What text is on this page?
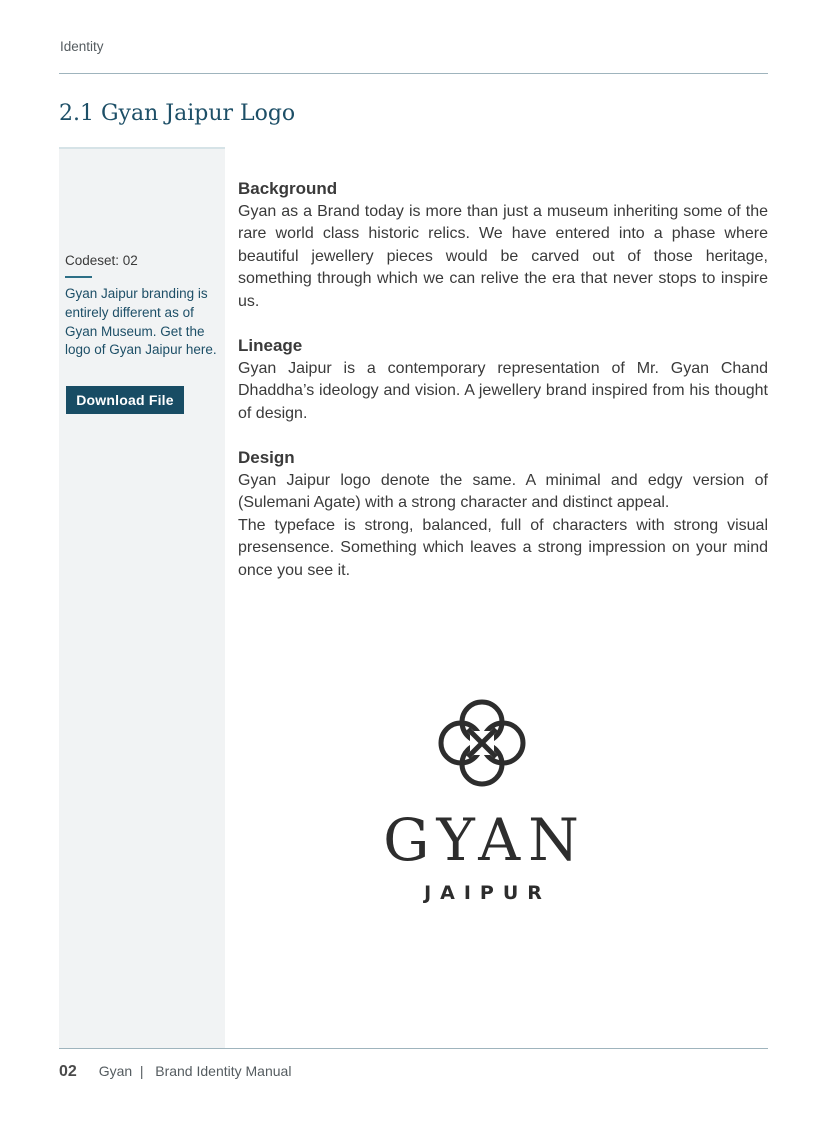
Identity
2.1 Gyan Jaipur Logo
Codeset: 02

Gyan Jaipur branding is entirely different as of Gyan Museum. Get the logo of Gyan Jaipur here.

Download File
Background

Gyan as a Brand today is more than just a museum inheriting some of the rare world class historic relics. We have entered into a phase where beautiful jewellery pieces would be carved out of those heritage, something through which we can relive the era that never stops to inspire us.

Lineage

Gyan Jaipur is a contemporary representation of Mr. Gyan Chand Dhaddha’s ideology and vision. A jewellery brand inspired from his thought of design.

Design

Gyan Jaipur logo denote the same. A minimal and edgy version of (Sulemani Agate) with a strong character and distinct appeal.

The typeface is strong, balanced, full of characters with strong visual presensence. Something which leaves a strong impression on your mind once you see it.

GYAN
JAIPUR
02 Gyan  |   Brand Identity Manual
